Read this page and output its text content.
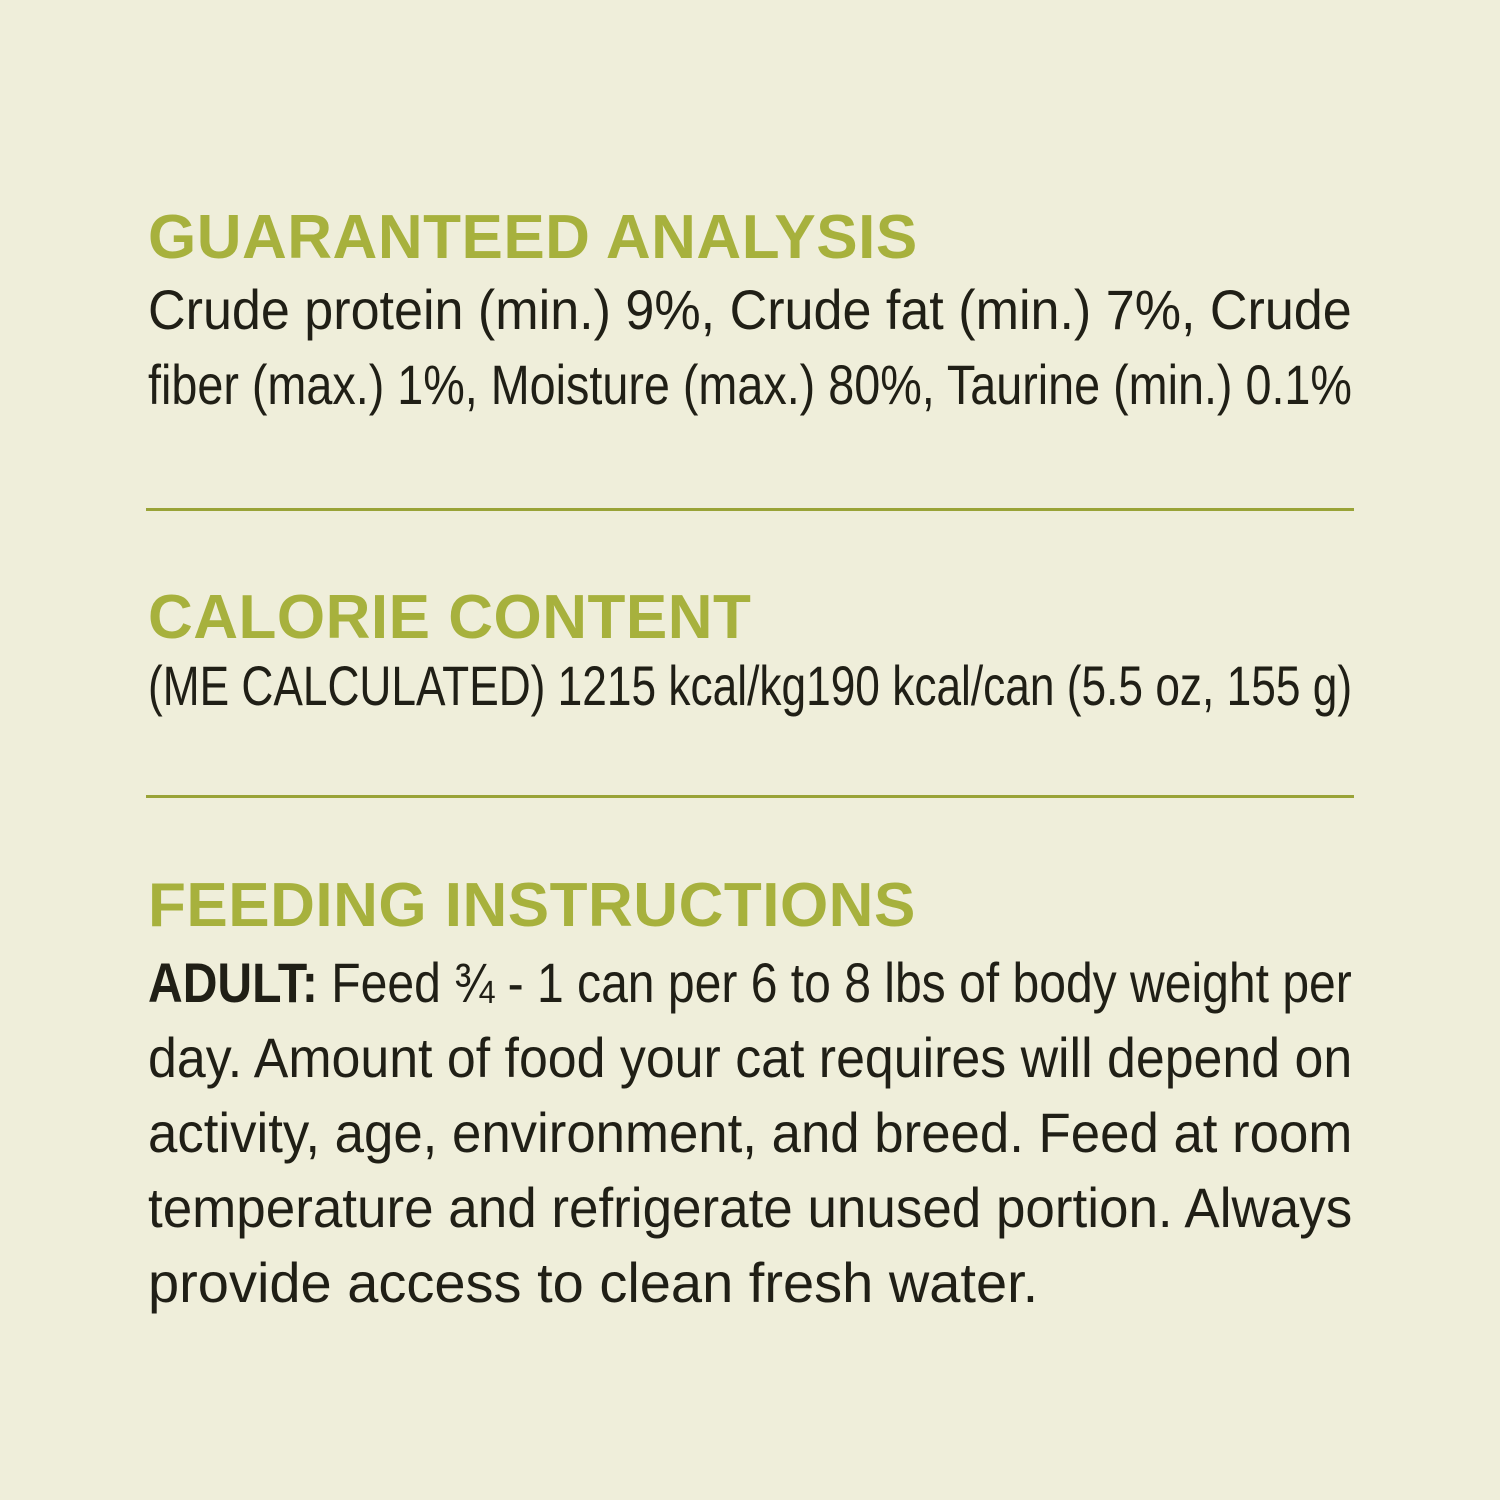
GUARANTEED ANALYSIS
Crude protein (min.) 9%, Crude fat (min.) 7%, Crude
fiber (max.) 1%, Moisture (max.) 80%, Taurine (min.) 0.1%
CALORIE CONTENT
(ME CALCULATED) 1215 kcal/kg190 kcal/can (5.5 oz, 155 g)
FEEDING INSTRUCTIONS
ADULT: Feed ¾ - 1 can per 6 to 8 lbs of body weight per
day. Amount of food your cat requires will depend on
activity, age, environment, and breed. Feed at room
temperature and refrigerate unused portion. Always
provide access to clean fresh water.
